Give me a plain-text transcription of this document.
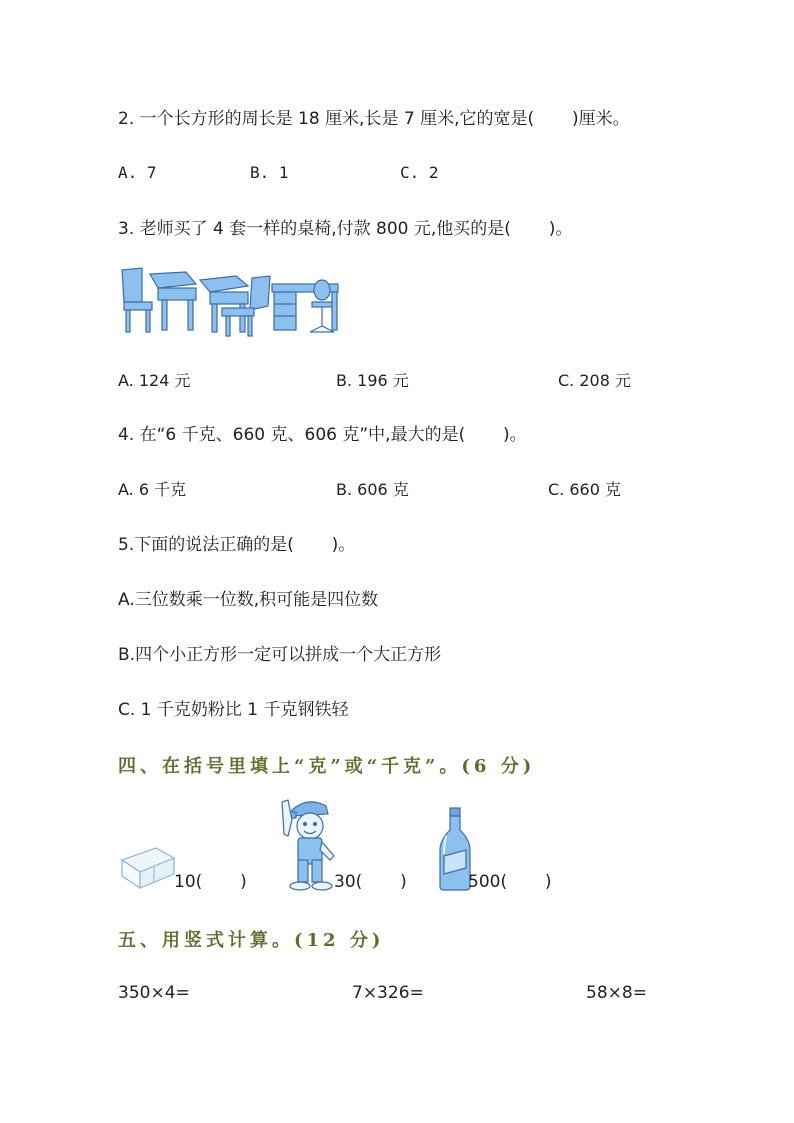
2. 一个长方形的周长是 18 厘米,长是 7 厘米,它的宽是(       )厘米。
A. 7	B. 1	C. 2
3. 老师买了 4 套一样的桌椅,付款 800 元,他买的是(       )。
A. 124 元	B. 196 元	C. 208 元
4. 在“6 千克、660 克、606 克”中,最大的是(       )。
A. 6 千克	B. 606 克	C. 660 克
5.下面的说法正确的是(       )。
A.三位数乘一位数,积可能是四位数
B.四个小正方形一定可以拼成一个大正方形
C. 1 千克奶粉比 1 千克钢铁轻
四、在括号里填上“克”或“千克”。(6 分)
10(       )	30(       )	500(       )
五、用竖式计算。(12 分)
350×4=	7×326=	58×8=
